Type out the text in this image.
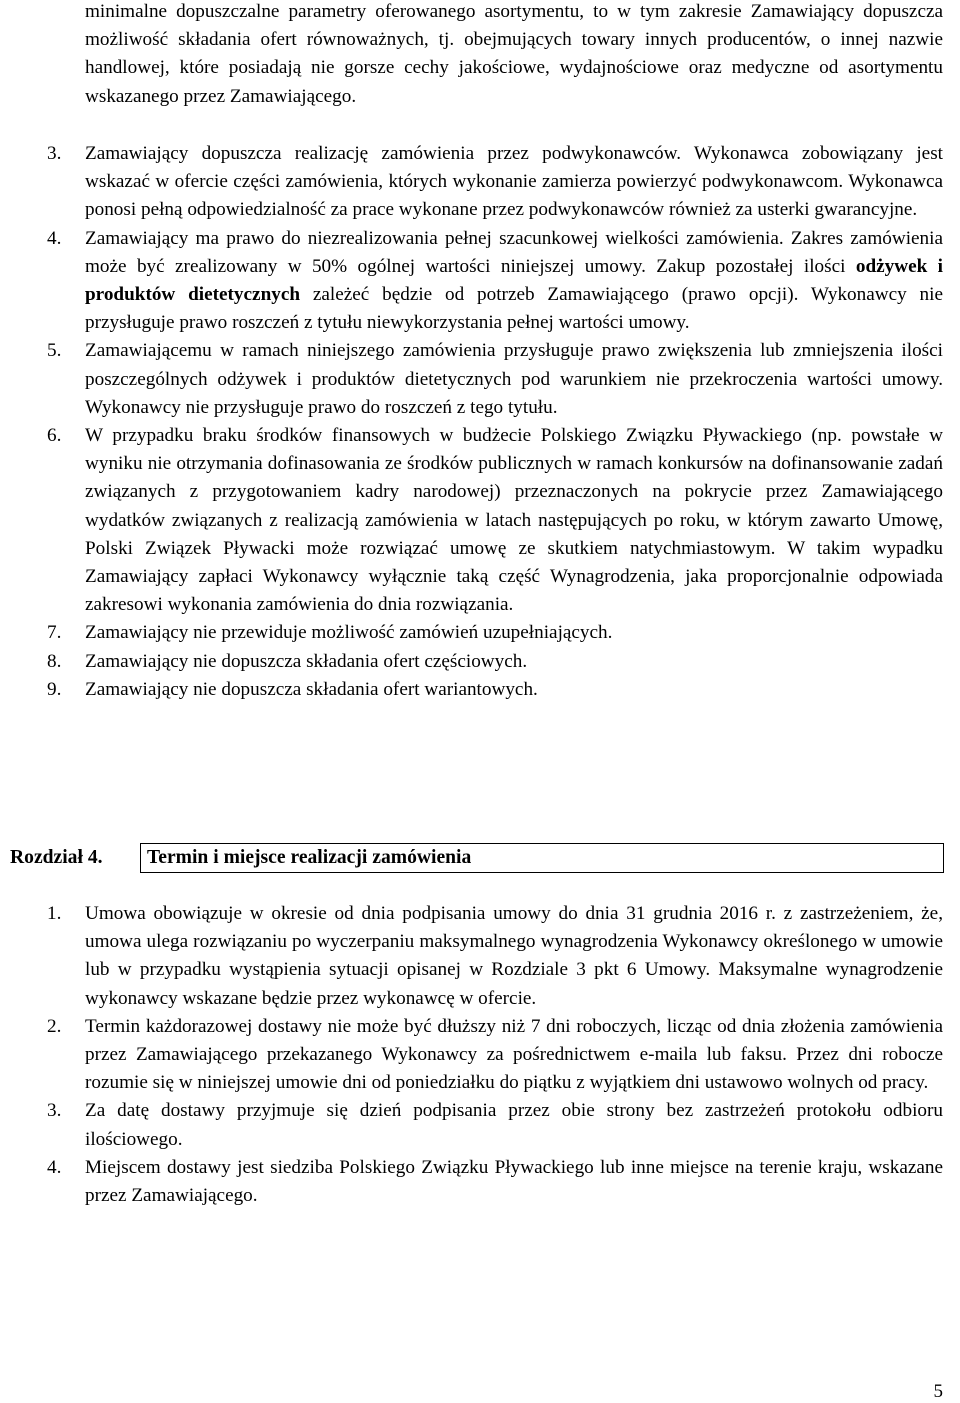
minimalne dopuszczalne parametry oferowanego asortymentu, to w tym zakresie Zamawiający dopuszcza możliwość składania ofert równoważnych, tj. obejmujących towary innych producentów, o innej nazwie handlowej, które posiadają nie gorsze cechy jakościowe, wydajnościowe oraz medyczne od asortymentu wskazanego przez Zamawiającego.

3. Zamawiający dopuszcza realizację zamówienia przez podwykonawców. Wykonawca zobowiązany jest wskazać w ofercie części zamówienia, których wykonanie zamierza powierzyć podwykonawcom. Wykonawca ponosi pełną odpowiedzialność za prace wykonane przez podwykonawców również za usterki gwarancyjne.

4. Zamawiający ma prawo do niezrealizowania pełnej szacunkowej wielkości zamówienia. Zakres zamówienia może być zrealizowany w 50% ogólnej wartości niniejszej umowy. Zakup pozostałej ilości odżywek i produktów dietetycznych zależeć będzie od potrzeb Zamawiającego (prawo opcji). Wykonawcy nie przysługuje prawo roszczeń z tytułu niewykorzystania pełnej wartości umowy.

5. Zamawiającemu w ramach niniejszego zamówienia przysługuje prawo zwiększenia lub zmniejszenia ilości poszczególnych odżywek i produktów dietetycznych pod warunkiem nie przekroczenia wartości umowy. Wykonawcy nie przysługuje prawo do roszczeń z tego tytułu.

6. W przypadku braku środków finansowych w budżecie Polskiego Związku Pływackiego (np. powstałe w wyniku nie otrzymania dofinasowania ze środków publicznych w ramach konkursów na dofinansowanie zadań związanych z przygotowaniem kadry narodowej) przeznaczonych na pokrycie przez Zamawiającego wydatków związanych z realizacją zamówienia w latach następujących po roku, w którym zawarto Umowę, Polski Związek Pływacki może rozwiązać umowę ze skutkiem natychmiastowym. W takim wypadku Zamawiający zapłaci Wykonawcy wyłącznie taką część Wynagrodzenia, jaka proporcjonalnie odpowiada zakresowi wykonania zamówienia do dnia rozwiązania.

7. Zamawiający nie przewiduje możliwość zamówień uzupełniających.

8. Zamawiający nie dopuszcza składania ofert częściowych.

9. Zamawiający nie dopuszcza składania ofert wariantowych.

Rozdział 4.	Termin i miejsce realizacji zamówienia
1. Umowa obowiązuje w okresie od dnia podpisania umowy do dnia 31 grudnia 2016 r. z zastrzeżeniem, że, umowa ulega rozwiązaniu po wyczerpaniu maksymalnego wynagrodzenia Wykonawcy określonego w umowie lub w przypadku wystąpienia sytuacji opisanej w Rozdziale 3 pkt 6 Umowy. Maksymalne wynagrodzenie wykonawcy wskazane będzie przez wykonawcę w ofercie.

2. Termin każdorazowej dostawy nie może być dłuższy niż 7 dni roboczych, licząc od dnia złożenia zamówienia przez Zamawiającego przekazanego Wykonawcy za pośrednictwem e-maila lub faksu. Przez dni robocze rozumie się w niniejszej umowie dni od poniedziałku do piątku z wyjątkiem dni ustawowo wolnych od pracy.

3. Za datę dostawy przyjmuje się dzień podpisania przez obie strony bez zastrzeżeń protokołu odbioru ilościowego.

4. Miejscem dostawy jest siedziba Polskiego Związku Pływackiego lub inne miejsce na terenie kraju, wskazane przez Zamawiającego.

5
